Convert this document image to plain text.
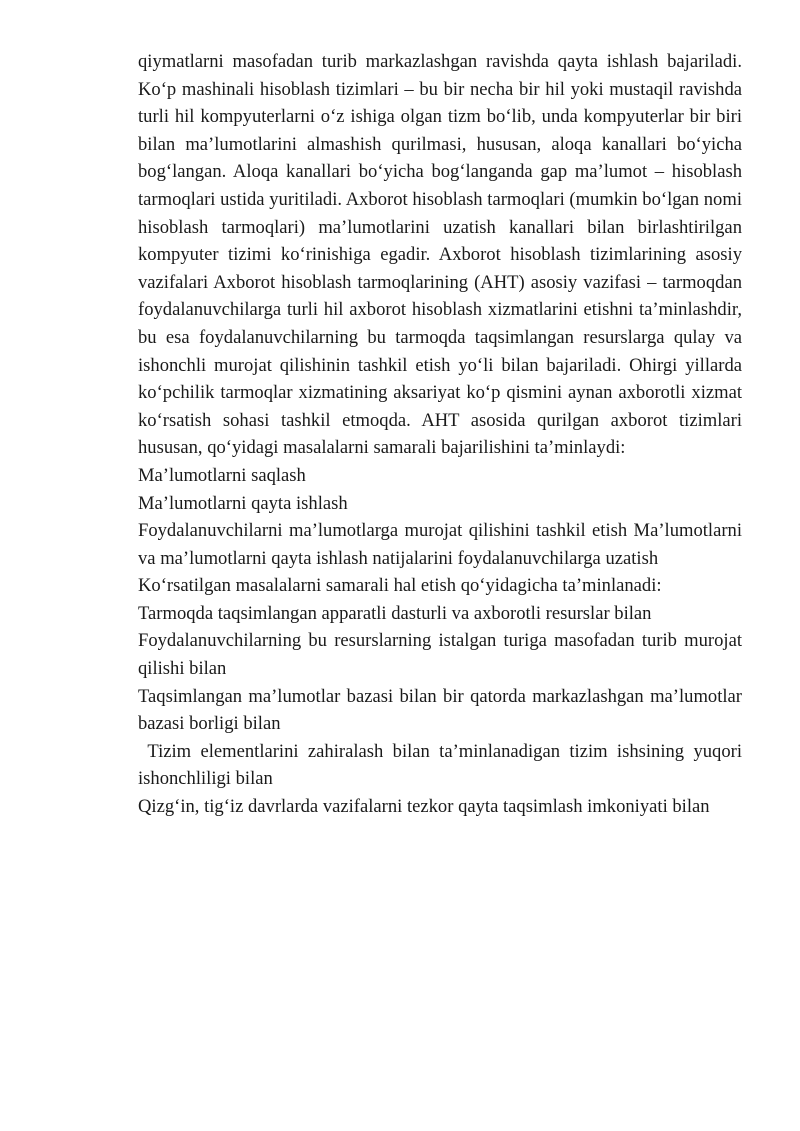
qiymatlarni masofadan turib markazlashgan ravishda qayta ishlash bajariladi. Ko‘p mashinali hisoblash tizimlari – bu bir necha bir hil yoki mustaqil ravishda turli hil kompyuterlarni o‘z ishiga olgan tizm bo‘lib, unda kompyuterlar bir biri bilan ma’lumotlarini almashish qurilmasi, hususan, aloqa kanallari bo‘yicha bog‘langan. Aloqa kanallari bo‘yicha bog‘langanda gap ma’lumot – hisoblash tarmoqlari ustida yuritiladi. Axborot hisoblash tarmoqlari (mumkin bo‘lgan nomi hisoblash tarmoqlari) ma’lumotlarini uzatish kanallari bilan birlashtirilgan kompyuter tizimi ko‘rinishiga egadir. Axborot hisoblash tizimlarining asosiy vazifalari Axborot hisoblash tarmoqlarining (AHT) asosiy vazifasi – tarmoqdan foydalanuvchilarga turli hil axborot hisoblash xizmatlarini etishni ta’minlashdir, bu esa foydalanuvchilarning bu tarmoqda taqsimlangan resurslarga qulay va ishonchli murojat qilishinin tashkil etish yo‘li bilan bajariladi. Ohirgi yillarda ko‘pchilik tarmoqlar xizmatining aksariyat ko‘p qismini aynan axborotli xizmat ko‘rsatish sohasi tashkil etmoqda. AHT asosida qurilgan axborot tizimlari hususan, qo‘yidagi masalalarni samarali bajarilishini ta’minlaydi:

Ma’lumotlarni saqlash

Ma’lumotlarni qayta ishlash

Foydalanuvchilarni ma’lumotlarga murojat qilishini tashkil etish Ma’lumotlarni va ma’lumotlarni qayta ishlash natijalarini foydalanuvchilarga uzatish

Ko‘rsatilgan masalalarni samarali hal etish qo‘yidagicha ta’minlanadi:

Tarmoqda taqsimlangan apparatli dasturli va axborotli resurslar bilan

Foydalanuvchilarning bu resurslarning istalgan turiga masofadan turib murojat qilishi bilan

Taqsimlangan ma’lumotlar bazasi bilan bir qatorda markazlashgan ma’lumotlar bazasi borligi bilan

Tizim elementlarini zahiralash bilan ta’minlanadigan tizim ishsining yuqori ishonchliligi bilan

Qizg‘in, tig‘iz davrlarda vazifalarni tezkor qayta taqsimlash imkoniyati bilan
